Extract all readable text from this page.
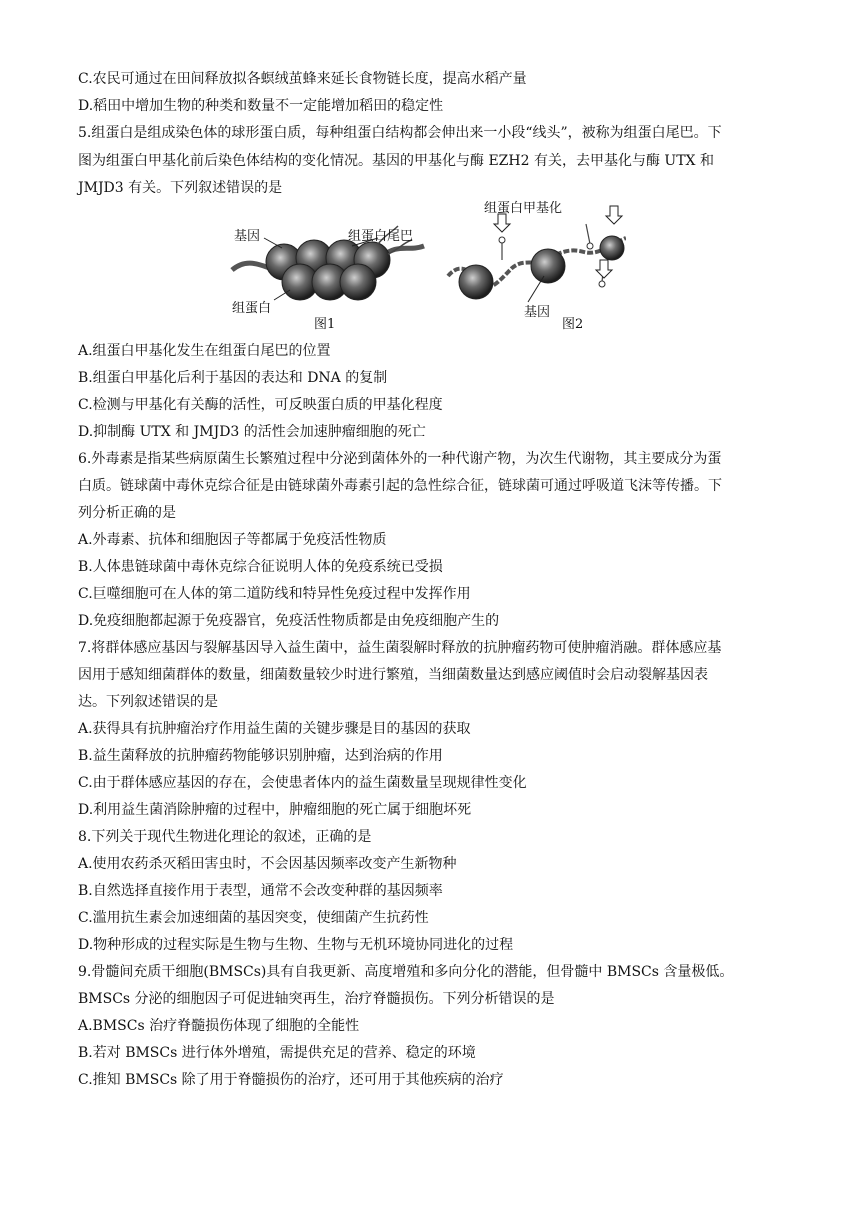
C.农民可通过在田间释放拟各螟绒茧蜂来延长食物链长度，提高水稻产量
D.稻田中增加生物的种类和数量不一定能增加稻田的稳定性
5.组蛋白是组成染色体的球形蛋白质，每种组蛋白结构都会伸出来一小段“线头”，被称为组蛋白尾巴。下
图为组蛋白甲基化前后染色体结构的变化情况。基因的甲基化与酶 EZH2 有关，去甲基化与酶 UTX 和
JMJD3 有关。下列叙述错误的是
A.组蛋白甲基化发生在组蛋白尾巴的位置
B.组蛋白甲基化后利于基因的表达和 DNA 的复制
C.检测与甲基化有关酶的活性，可反映蛋白质的甲基化程度
D.抑制酶 UTX 和 JMJD3 的活性会加速肿瘤细胞的死亡
6.外毒素是指某些病原菌生长繁殖过程中分泌到菌体外的一种代谢产物，为次生代谢物，其主要成分为蛋
白质。链球菌中毒休克综合征是由链球菌外毒素引起的急性综合征，链球菌可通过呼吸道飞沫等传播。下
列分析正确的是
A.外毒素、抗体和细胞因子等都属于免疫活性物质
B.人体患链球菌中毒休克综合征说明人体的免疫系统已受损
C.巨噬细胞可在人体的第二道防线和特异性免疫过程中发挥作用
D.免疫细胞都起源于免疫器官，免疫活性物质都是由免疫细胞产生的
7.将群体感应基因与裂解基因导入益生菌中，益生菌裂解时释放的抗肿瘤药物可使肿瘤消融。群体感应基
因用于感知细菌群体的数量，细菌数量较少时进行繁殖，当细菌数量达到感应阈值时会启动裂解基因表
达。下列叙述错误的是
A.获得具有抗肿瘤治疗作用益生菌的关键步骤是目的基因的获取
B.益生菌释放的抗肿瘤药物能够识别肿瘤，达到治病的作用
C.由于群体感应基因的存在，会使患者体内的益生菌数量呈现规律性变化
D.利用益生菌消除肿瘤的过程中，肿瘤细胞的死亡属于细胞坏死
8.下列关于现代生物进化理论的叙述，正确的是
A.使用农药杀灭稻田害虫时，不会因基因频率改变产生新物种
B.自然选择直接作用于表型，通常不会改变种群的基因频率
C.滥用抗生素会加速细菌的基因突变，使细菌产生抗药性
D.物种形成的过程实际是生物与生物、生物与无机环境协同进化的过程
9.骨髓间充质干细胞(BMSCs)具有自我更新、高度增殖和多向分化的潜能，但骨髓中 BMSCs 含量极低。
BMSCs 分泌的细胞因子可促进轴突再生，治疗脊髓损伤。下列分析错误的是
A.BMSCs 治疗脊髓损伤体现了细胞的全能性
B.若对 BMSCs 进行体外增殖，需提供充足的营养、稳定的环境
C.推知 BMSCs 除了用于脊髓损伤的治疗，还可用于其他疾病的治疗
基因	组蛋白尾巴
组蛋白
图1
组蛋白甲基化
基因
图2
